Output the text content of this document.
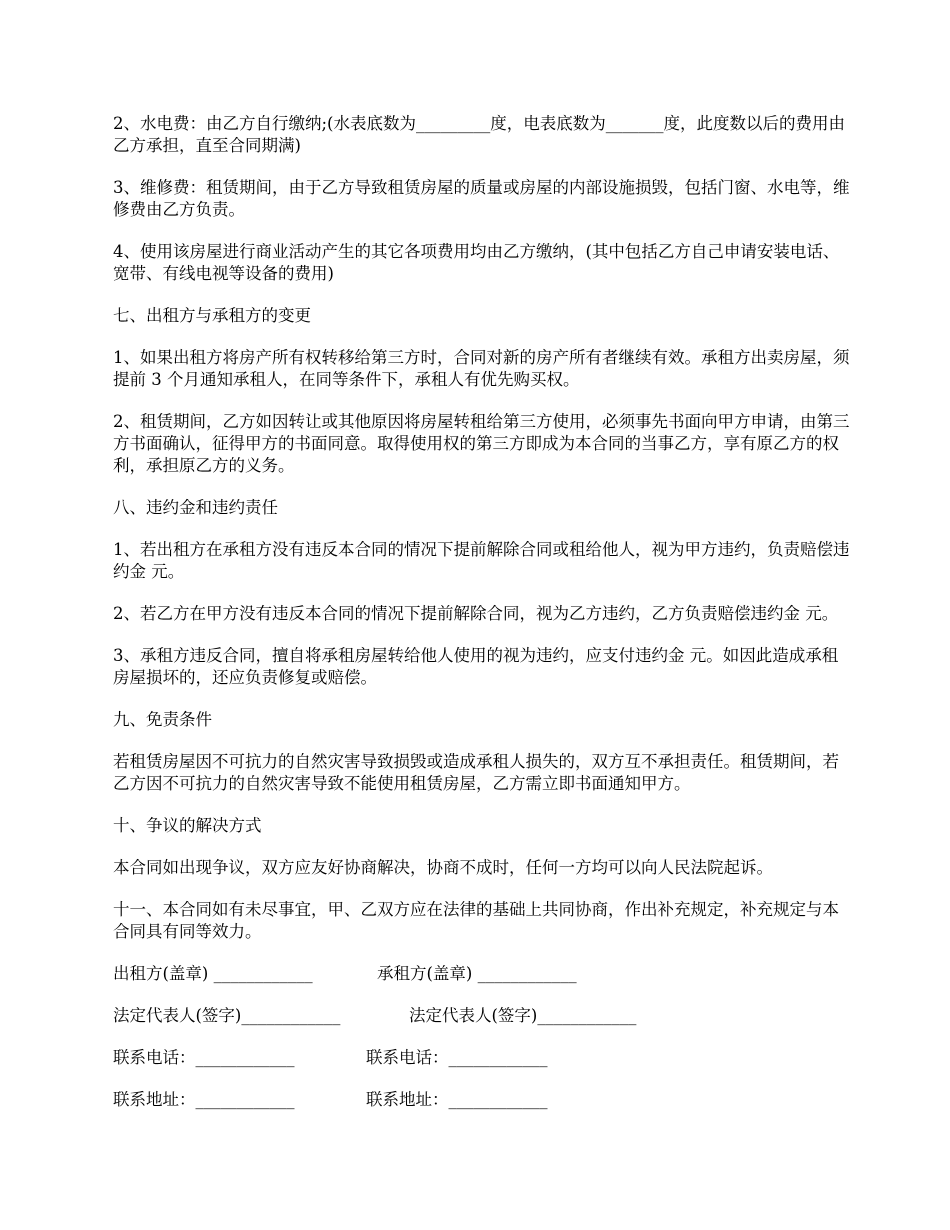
2、水电费：由乙方自行缴纳;(水表底数为_________度，电表底数为_______度，此度数以后的费用由乙方承担，直至合同期满)

3、维修费：租赁期间，由于乙方导致租赁房屋的质量或房屋的内部设施损毁，包括门窗、水电等，维修费由乙方负责。

4、使用该房屋进行商业活动产生的其它各项费用均由乙方缴纳，(其中包括乙方自己申请安装电话、宽带、有线电视等设备的费用)

七、出租方与承租方的变更

1、如果出租方将房产所有权转移给第三方时，合同对新的房产所有者继续有效。承租方出卖房屋，须提前 3 个月通知承租人，在同等条件下，承租人有优先购买权。

2、租赁期间，乙方如因转让或其他原因将房屋转租给第三方使用，必须事先书面向甲方申请，由第三方书面确认，征得甲方的书面同意。取得使用权的第三方即成为本合同的当事乙方，享有原乙方的权利，承担原乙方的义务。

八、违约金和违约责任

1、若出租方在承租方没有违反本合同的情况下提前解除合同或租给他人，视为甲方违约，负责赔偿违约金 元。

2、若乙方在甲方没有违反本合同的情况下提前解除合同，视为乙方违约，乙方负责赔偿违约金 元。

3、承租方违反合同，擅自将承租房屋转给他人使用的视为违约，应支付违约金 元。如因此造成承租房屋损坏的，还应负责修复或赔偿。

九、免责条件

若租赁房屋因不可抗力的自然灾害导致损毁或造成承租人损失的，双方互不承担责任。租赁期间，若乙方因不可抗力的自然灾害导致不能使用租赁房屋，乙方需立即书面通知甲方。

十、争议的解决方式

本合同如出现争议，双方应友好协商解决，协商不成时，任何一方均可以向人民法院起诉。

十一、本合同如有未尽事宜，甲、乙双方应在法律的基础上共同协商，作出补充规定，补充规定与本合同具有同等效力。

出租方(盖章) ____________	承租方(盖章) ____________
法定代表人(签字)____________	法定代表人(签字)____________
联系电话：____________	联系电话：____________
联系地址：____________	联系地址：____________
